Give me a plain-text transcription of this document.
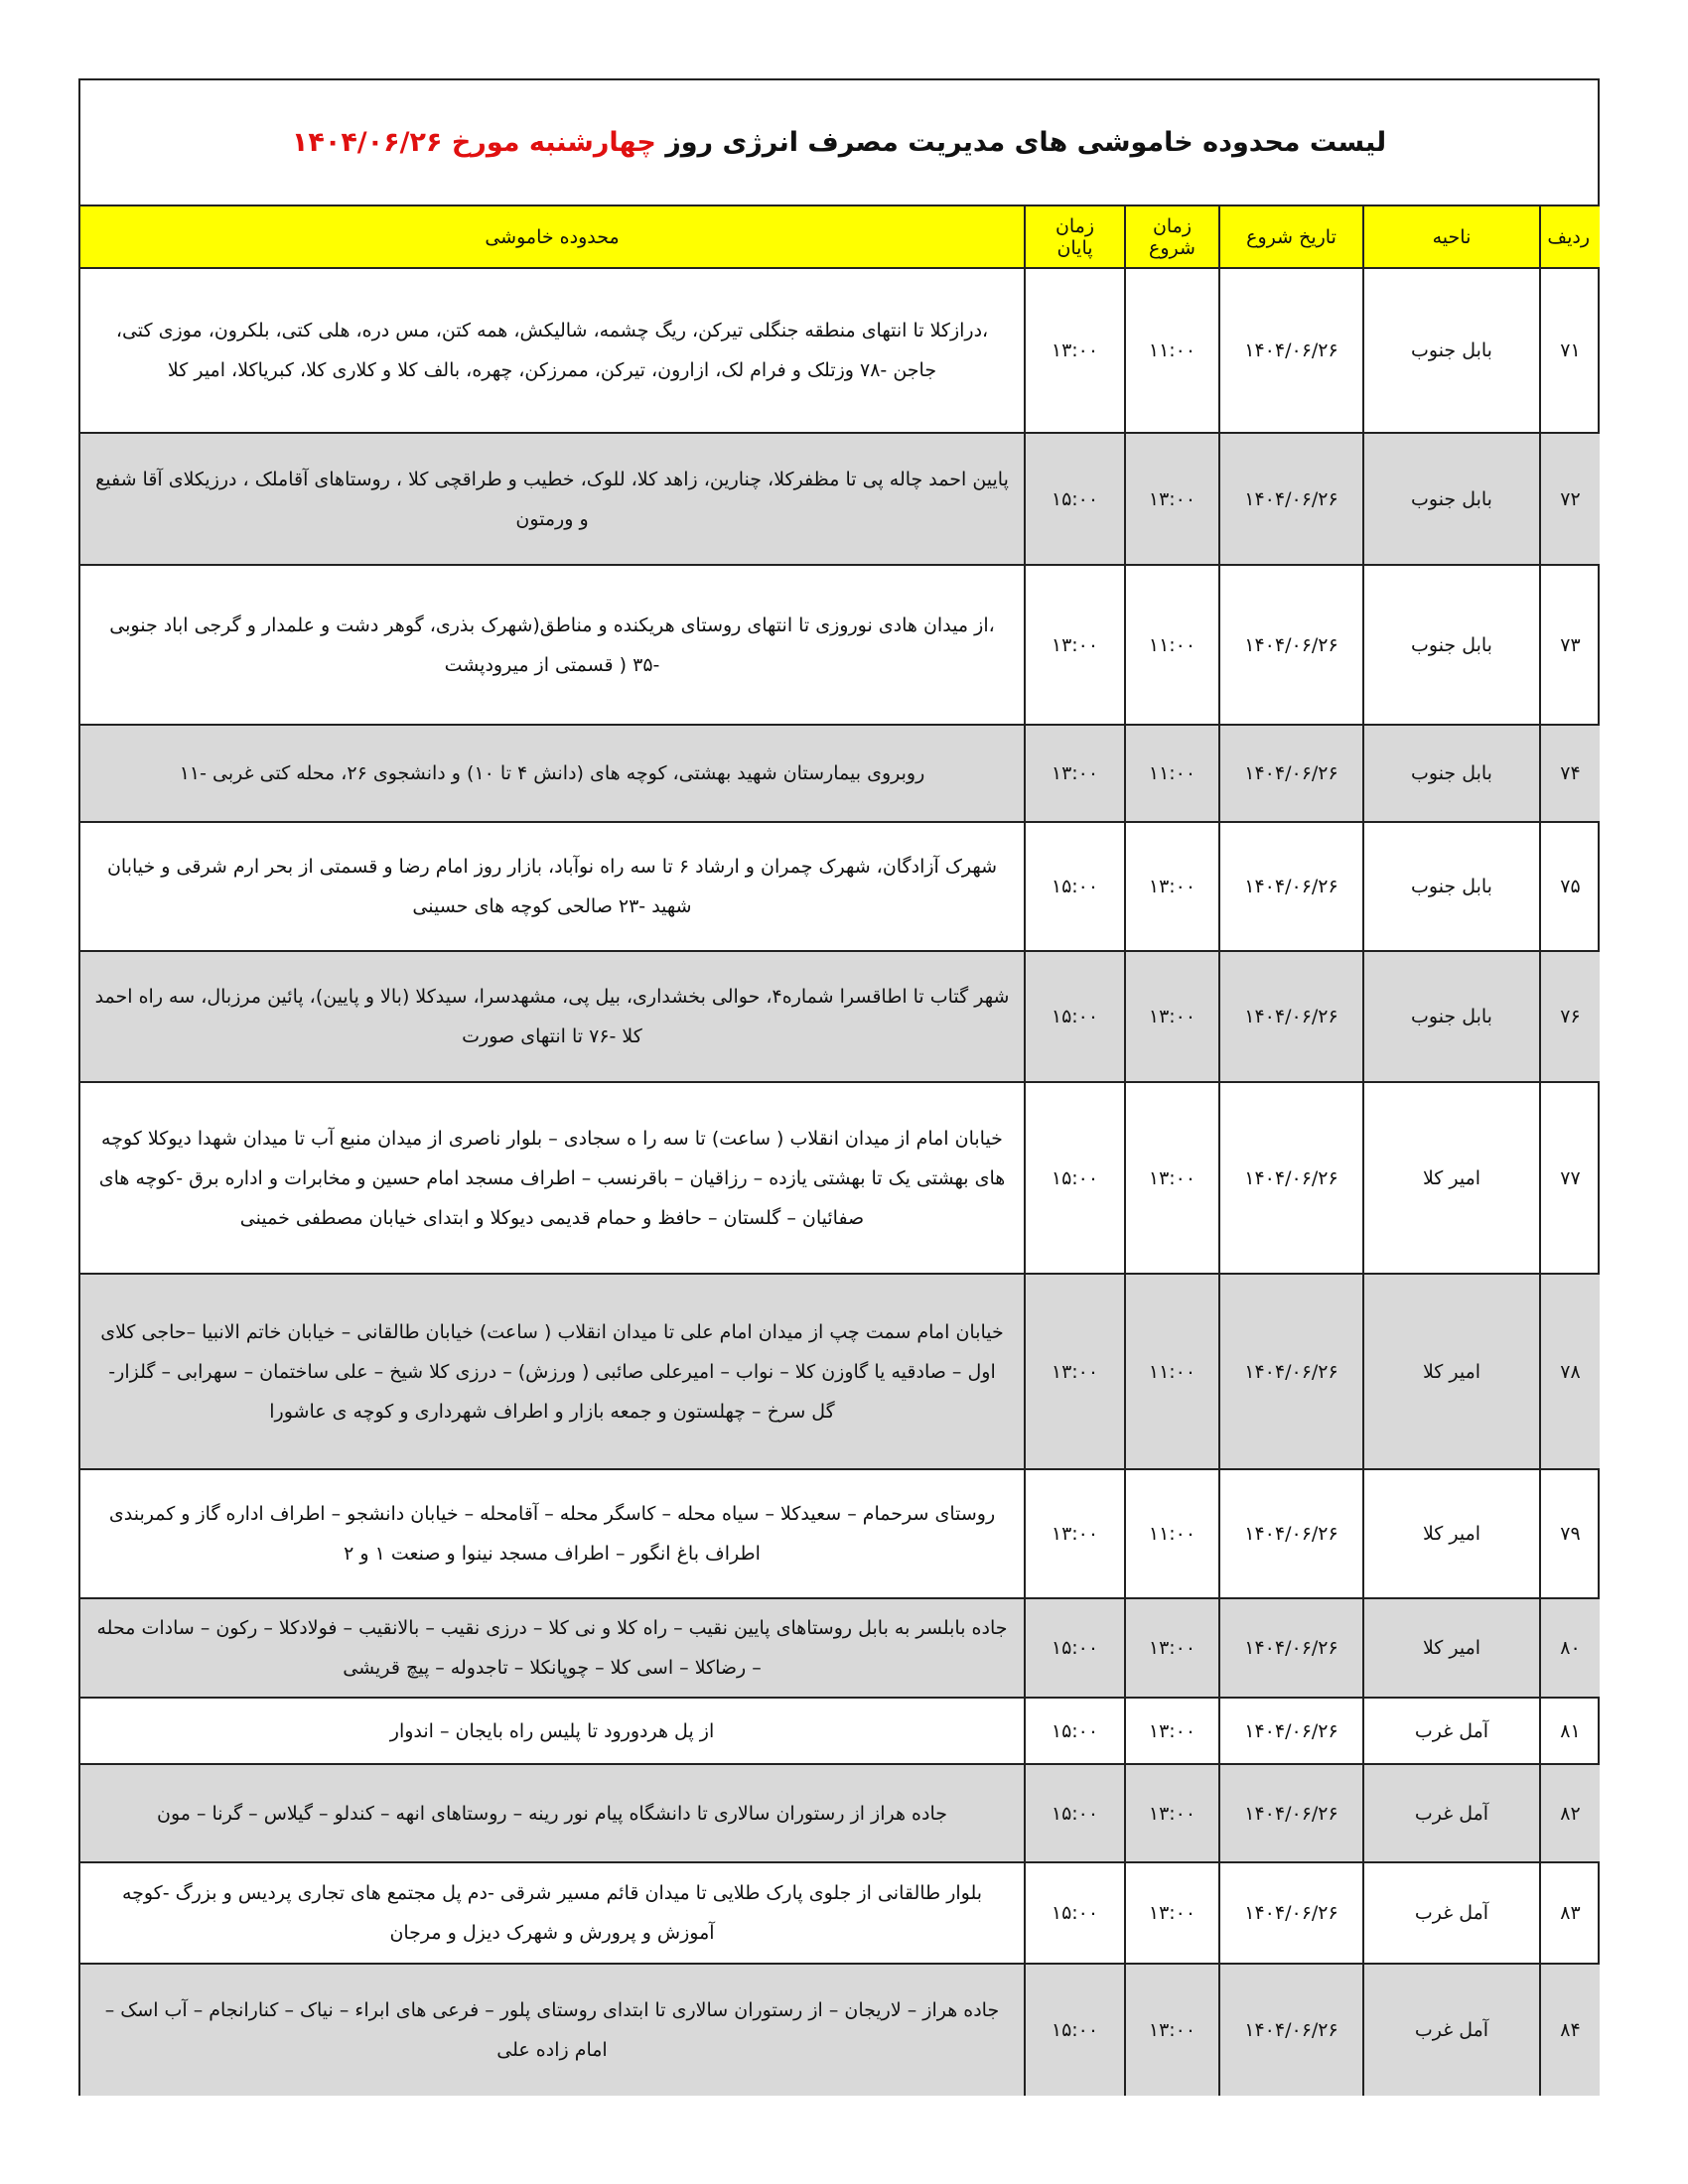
لیست محدوده خاموشی های مدیریت مصرف انرژی روز

چهارشنبه مورخ ۱۴۰۴/۰۶/۲۶
ردیف	ناحیه	تاریخ شروع	زمان شروع	زمان پایان	محدوده خاموشی
۷۱	بابل جنوب	۱۴۰۴/۰۶/۲۶	۱۱:۰۰	۱۳:۰۰	،درازکلا تا انتهای منطقه جنگلی تیرکن، ریگ چشمه، شالیکش، همه کتن، مس دره، هلی کتی، بلکرون، موزی کتی، جاجن -۷۸ وزتلک و فرام لک، ازارون، تیرکن، ممرزکن، چهره، بالف کلا و کلاری کلا، کبریاکلا، امیر کلا
۷۲	بابل جنوب	۱۴۰۴/۰۶/۲۶	۱۳:۰۰	۱۵:۰۰	پایین احمد چاله پی تا مظفرکلا، چنارین، زاهد کلا، للوک، خطیب و طراقچی کلا ، روستاهای آقاملک ، درزیکلای آقا شفیع و ورمتون
۷۳	بابل جنوب	۱۴۰۴/۰۶/۲۶	۱۱:۰۰	۱۳:۰۰	،از میدان هادی نوروزی تا انتهای روستای هریکنده و مناطق(شهرک بذری، گوهر دشت و علمدار و گرجی اباد جنوبی -۳۵ ( قسمتی از میرودپشت
۷۴	بابل جنوب	۱۴۰۴/۰۶/۲۶	۱۱:۰۰	۱۳:۰۰	روبروی بیمارستان شهید بهشتی، کوچه های (دانش ۴ تا ۱۰) و دانشجوی ۲۶، محله کتی غربی -۱۱
۷۵	بابل جنوب	۱۴۰۴/۰۶/۲۶	۱۳:۰۰	۱۵:۰۰	شهرک آزادگان، شهرک چمران و ارشاد ۶ تا سه راه نوآباد، بازار روز امام رضا و قسمتی از بحر ارم شرقی و خیابان شهید -۲۳ صالحی کوچه های حسینی
۷۶	بابل جنوب	۱۴۰۴/۰۶/۲۶	۱۳:۰۰	۱۵:۰۰	شهر گتاب تا اطاقسرا شماره۴، حوالی بخشداری، بیل پی، مشهدسرا، سیدکلا (بالا و پایین)، پائین مرزبال، سه راه احمد کلا -۷۶ تا انتهای صورت
۷۷	امیر کلا	۱۴۰۴/۰۶/۲۶	۱۳:۰۰	۱۵:۰۰	خیابان امام از میدان انقلاب ( ساعت) تا سه را ه سجادی – بلوار ناصری از میدان منبع آب تا میدان شهدا دیوکلا کوچه های بهشتی یک تا بهشتی یازده – رزاقیان – باقرنسب – اطراف مسجد امام حسین و مخابرات و اداره برق -کوچه های صفائیان – گلستان – حافظ و حمام قدیمی دیوکلا و ابتدای خیابان مصطفی خمینی
۷۸	امیر کلا	۱۴۰۴/۰۶/۲۶	۱۱:۰۰	۱۳:۰۰	خیابان امام سمت چپ از میدان امام علی تا میدان انقلاب ( ساعت) خیابان طالقانی – خیابان خاتم الانبیا –حاجی کلای اول – صادقیه یا گاوزن کلا – نواب – امیرعلی صائبی ( ورزش) – درزی کلا شیخ – علی ساختمان – سهرابی – گلزار- گل سرخ – چهلستون و جمعه بازار و اطراف شهرداری و کوچه ی عاشورا
۷۹	امیر کلا	۱۴۰۴/۰۶/۲۶	۱۱:۰۰	۱۳:۰۰	روستای سرحمام – سعیدکلا – سیاه محله – کاسگر محله – آقامحله – خیابان دانشجو – اطراف اداره گاز و کمربندی اطراف باغ انگور – اطراف مسجد نینوا و صنعت ۱ و ۲
۸۰	امیر کلا	۱۴۰۴/۰۶/۲۶	۱۳:۰۰	۱۵:۰۰	جاده بابلسر به بابل روستاهای پایین نقیب – راه کلا و نی کلا – درزی نقیب – بالانقیب – فولادکلا – رکون – سادات محله – رضاکلا – اسی کلا – چوپانکلا – تاجدوله – پیچ قریشی
۸۱	آمل غرب	۱۴۰۴/۰۶/۲۶	۱۳:۰۰	۱۵:۰۰	از پل هردورود تا پلیس راه بایجان – اندوار
۸۲	آمل غرب	۱۴۰۴/۰۶/۲۶	۱۳:۰۰	۱۵:۰۰	جاده هراز از رستوران سالاری تا دانشگاه پیام نور رینه – روستاهای انهه – کندلو – گیلاس – گرنا – مون
۸۳	آمل غرب	۱۴۰۴/۰۶/۲۶	۱۳:۰۰	۱۵:۰۰	بلوار طالقانی از جلوی پارک طلایی تا میدان قائم مسیر شرقی -دم پل مجتمع های تجاری پردیس و بزرگ -کوچه آموزش و پرورش و شهرک دیزل و مرجان
۸۴	آمل غرب	۱۴۰۴/۰۶/۲۶	۱۳:۰۰	۱۵:۰۰	جاده هراز – لاریجان – از رستوران سالاری تا ابتدای روستای پلور – فرعی های ابراء – نیاک – کنارانجام – آب اسک – امام زاده علی
